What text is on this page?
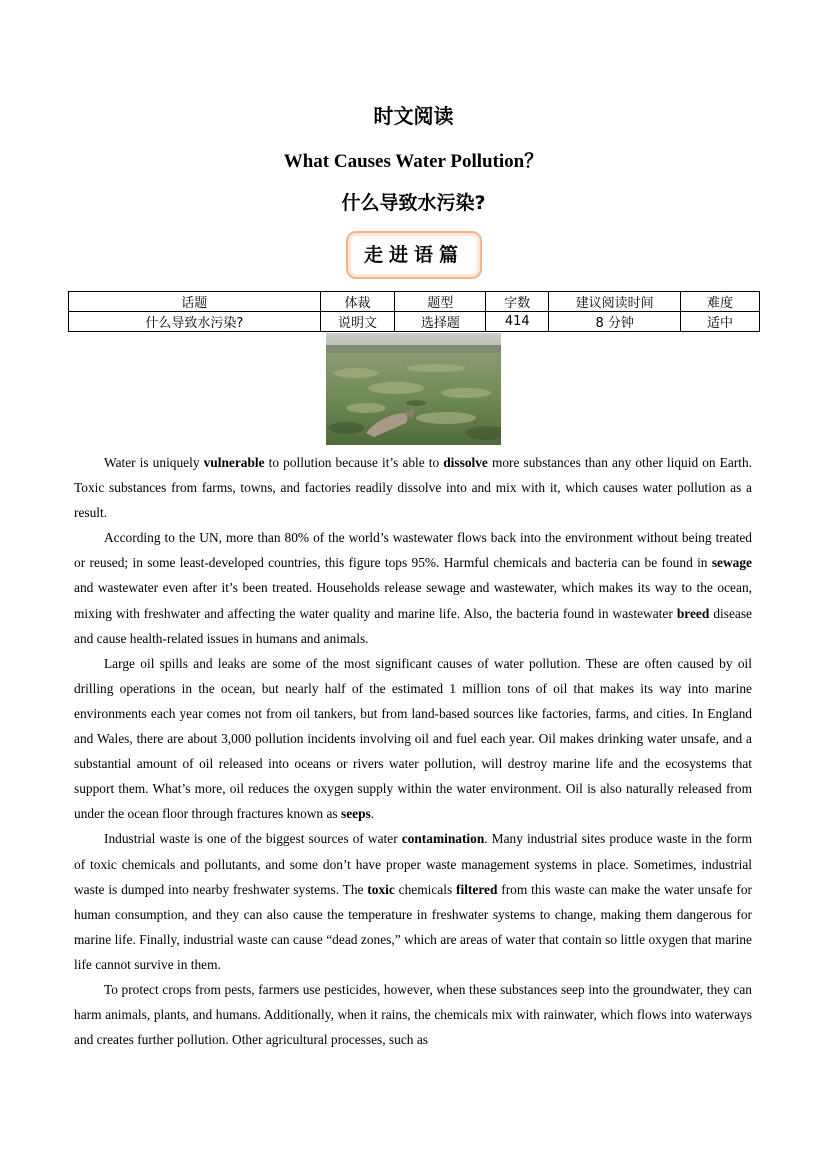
时文阅读
What Causes Water Pollution？
什么导致水污染?
走进语篇
话题	体裁	题型	字数	建议阅读时间	难度
什么导致水污染?	说明文	选择题	414	8 分钟	适中

Water is uniquely vulnerable to pollution because it’s able to dissolve more substances than any other liquid on Earth. Toxic substances from farms, towns, and factories readily dissolve into and mix with it, which causes water pollution as a result.

According to the UN, more than 80% of the world’s wastewater flows back into the environment without being treated or reused; in some least-developed countries, this figure tops 95%. Harmful chemicals and bacteria can be found in sewage and wastewater even after it’s been treated. Households release sewage and wastewater, which makes its way to the ocean, mixing with freshwater and affecting the water quality and marine life. Also, the bacteria found in wastewater breed disease and cause health-related issues in humans and animals.

Large oil spills and leaks are some of the most significant causes of water pollution. These are often caused by oil drilling operations in the ocean, but nearly half of the estimated 1 million tons of oil that makes its way into marine environments each year comes not from oil tankers, but from land-based sources like factories, farms, and cities. In England and Wales, there are about 3,000 pollution incidents involving oil and fuel each year. Oil makes drinking water unsafe, and a substantial amount of oil released into oceans or rivers water pollution, will destroy marine life and the ecosystems that support them. What’s more, oil reduces the oxygen supply within the water environment. Oil is also naturally released from under the ocean floor through fractures known as seeps.

Industrial waste is one of the biggest sources of water contamination. Many industrial sites produce waste in the form of toxic chemicals and pollutants, and some don’t have proper waste management systems in place. Sometimes, industrial waste is dumped into nearby freshwater systems. The toxic chemicals filtered from this waste can make the water unsafe for human consumption, and they can also cause the temperature in freshwater systems to change, making them dangerous for marine life. Finally, industrial waste can cause “dead zones,” which are areas of water that contain so little oxygen that marine life cannot survive in them.

To protect crops from pests, farmers use pesticides, however, when these substances seep into the groundwater, they can harm animals, plants, and humans. Additionally, when it rains, the chemicals mix with rainwater, which flows into waterways and creates further pollution. Other agricultural processes, such as
